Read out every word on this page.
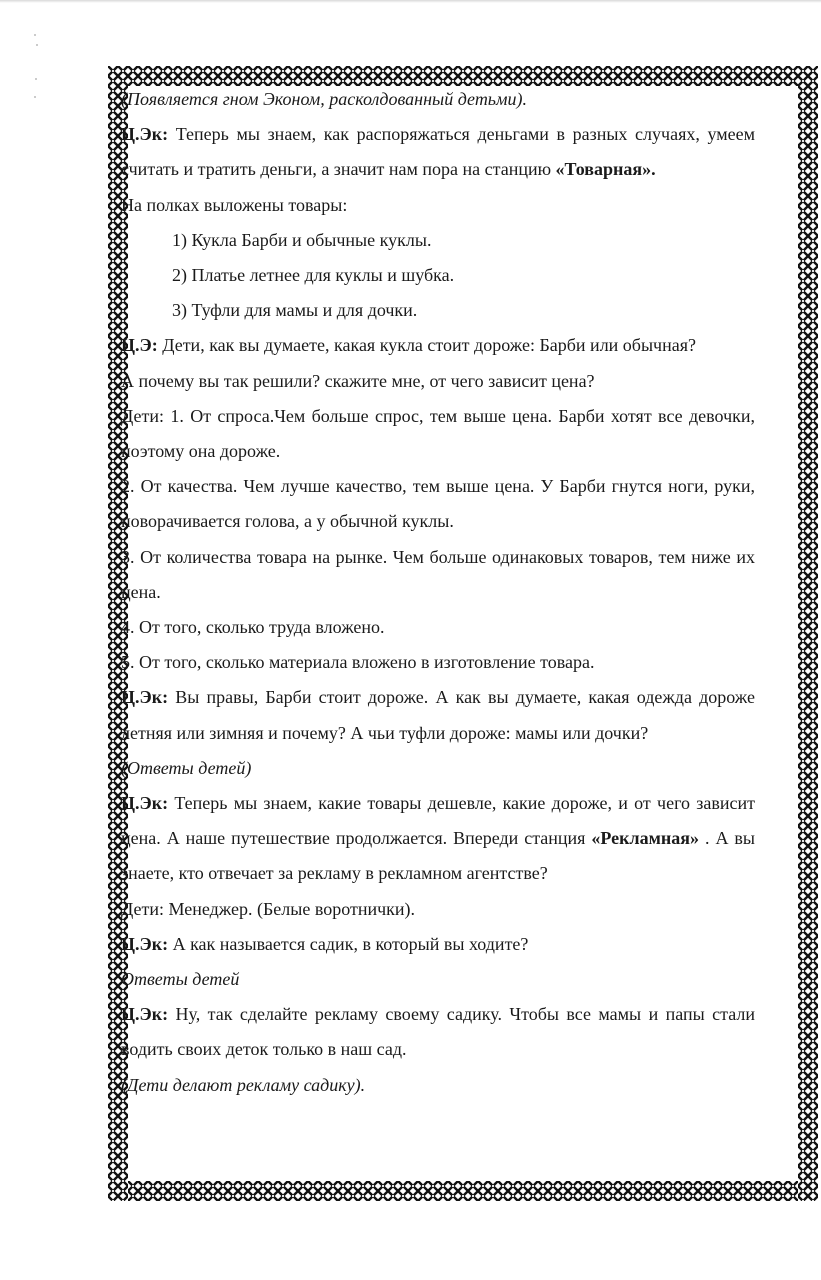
(Появляется гном Эконом, расколдованный детьми).

Ц.Эк: Теперь мы знаем, как распоряжаться деньгами в разных случаях, умеем считать и тратить деньги, а значит нам пора на станцию «Товарная».

На полках выложены товары:

1) Кукла Барби и обычные куклы.

2) Платье летнее для куклы и шубка.

3) Туфли для мамы и для дочки.

Ц.Э: Дети, как вы думаете, какая кукла стоит дороже: Барби или обычная?

А почему вы так решили? скажите мне, от чего зависит цена?

Дети: 1. От спроса.Чем больше спрос, тем выше цена. Барби хотят все девочки, поэтому она дороже.

2. От качества. Чем лучше качество, тем выше цена. У Барби гнутся ноги, руки, поворачивается голова, а у обычной куклы.

3. От количества товара на рынке. Чем больше одинаковых товаров, тем ниже их цена.

4. От того, сколько труда вложено.

5. От того, сколько материала вложено в изготовление товара.

Ц.Эк: Вы правы, Барби стоит дороже. А как вы думаете, какая одежда дороже летняя или зимняя и почему? А чьи туфли дороже: мамы или дочки?

(Ответы детей)

Ц.Эк: Теперь мы знаем, какие товары дешевле, какие дороже, и от чего зависит цена. А наше путешествие продолжается. Впереди станция «Рекламная» . А вы знаете, кто отвечает за рекламу в рекламном агентстве?

Дети: Менеджер. (Белые воротнички).

Ц.Эк: А как называется садик, в который вы ходите?

Ответы детей

Ц.Эк: Ну, так сделайте рекламу своему садику. Чтобы все мамы и папы стали водить своих деток только в наш сад.

(Дети делают рекламу садику).
